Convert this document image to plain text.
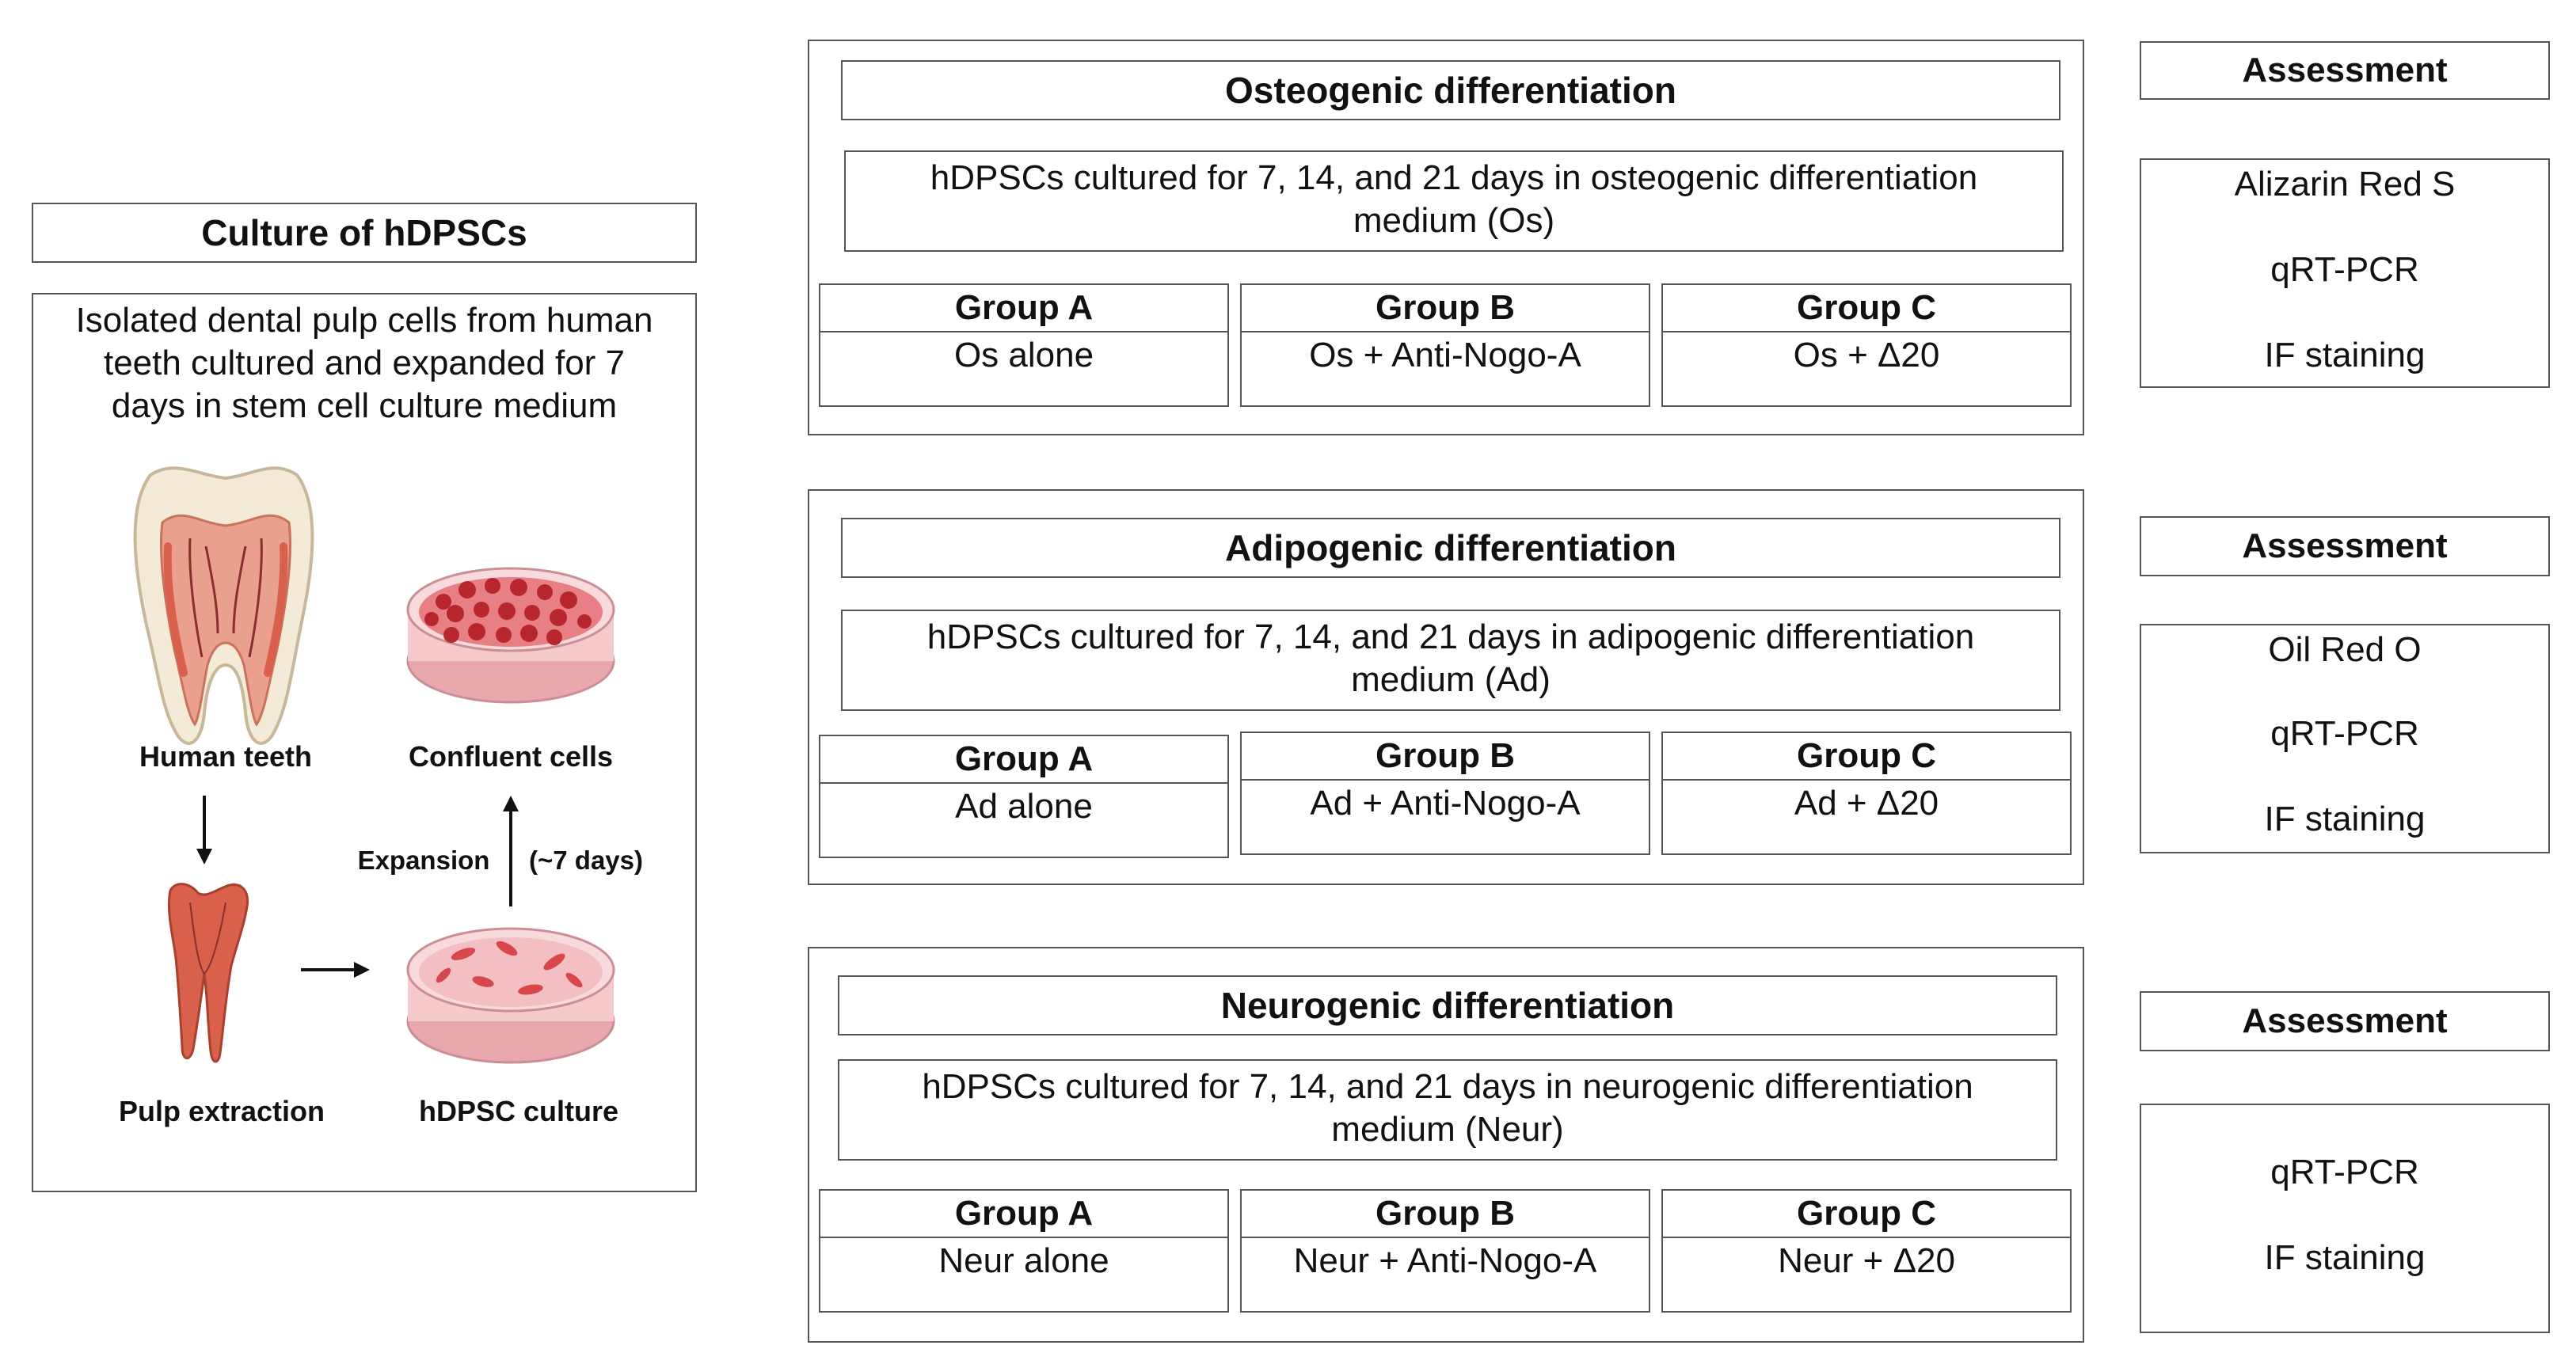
Culture of hDPSCs
Isolated dental pulp cells from human
teeth cultured and expanded for 7
days in stem cell culture medium
Human teeth	Confluent cells
Expansion	(~7 days)
Pulp extraction	hDPSC culture
Osteogenic differentiation
hDPSCs cultured for 7, 14, and 21 days in osteogenic differentiation
medium (Os)
Group A
Os alone
Group B
Os + Anti-Nogo-A
Group C
Os + Δ20
Assessment
Alizarin Red S
qRT-PCR
IF staining
Adipogenic differentiation
hDPSCs cultured for 7, 14, and 21 days in adipogenic differentiation
medium (Ad)
Group A
Ad alone
Group B
Ad + Anti-Nogo-A
Group C
Ad + Δ20
Assessment
Oil Red O
qRT-PCR
IF staining
Neurogenic differentiation
hDPSCs cultured for 7, 14, and 21 days in neurogenic differentiation
medium (Neur)
Group A
Neur alone
Group B
Neur + Anti-Nogo-A
Group C
Neur + Δ20
Assessment
qRT-PCR
IF staining
